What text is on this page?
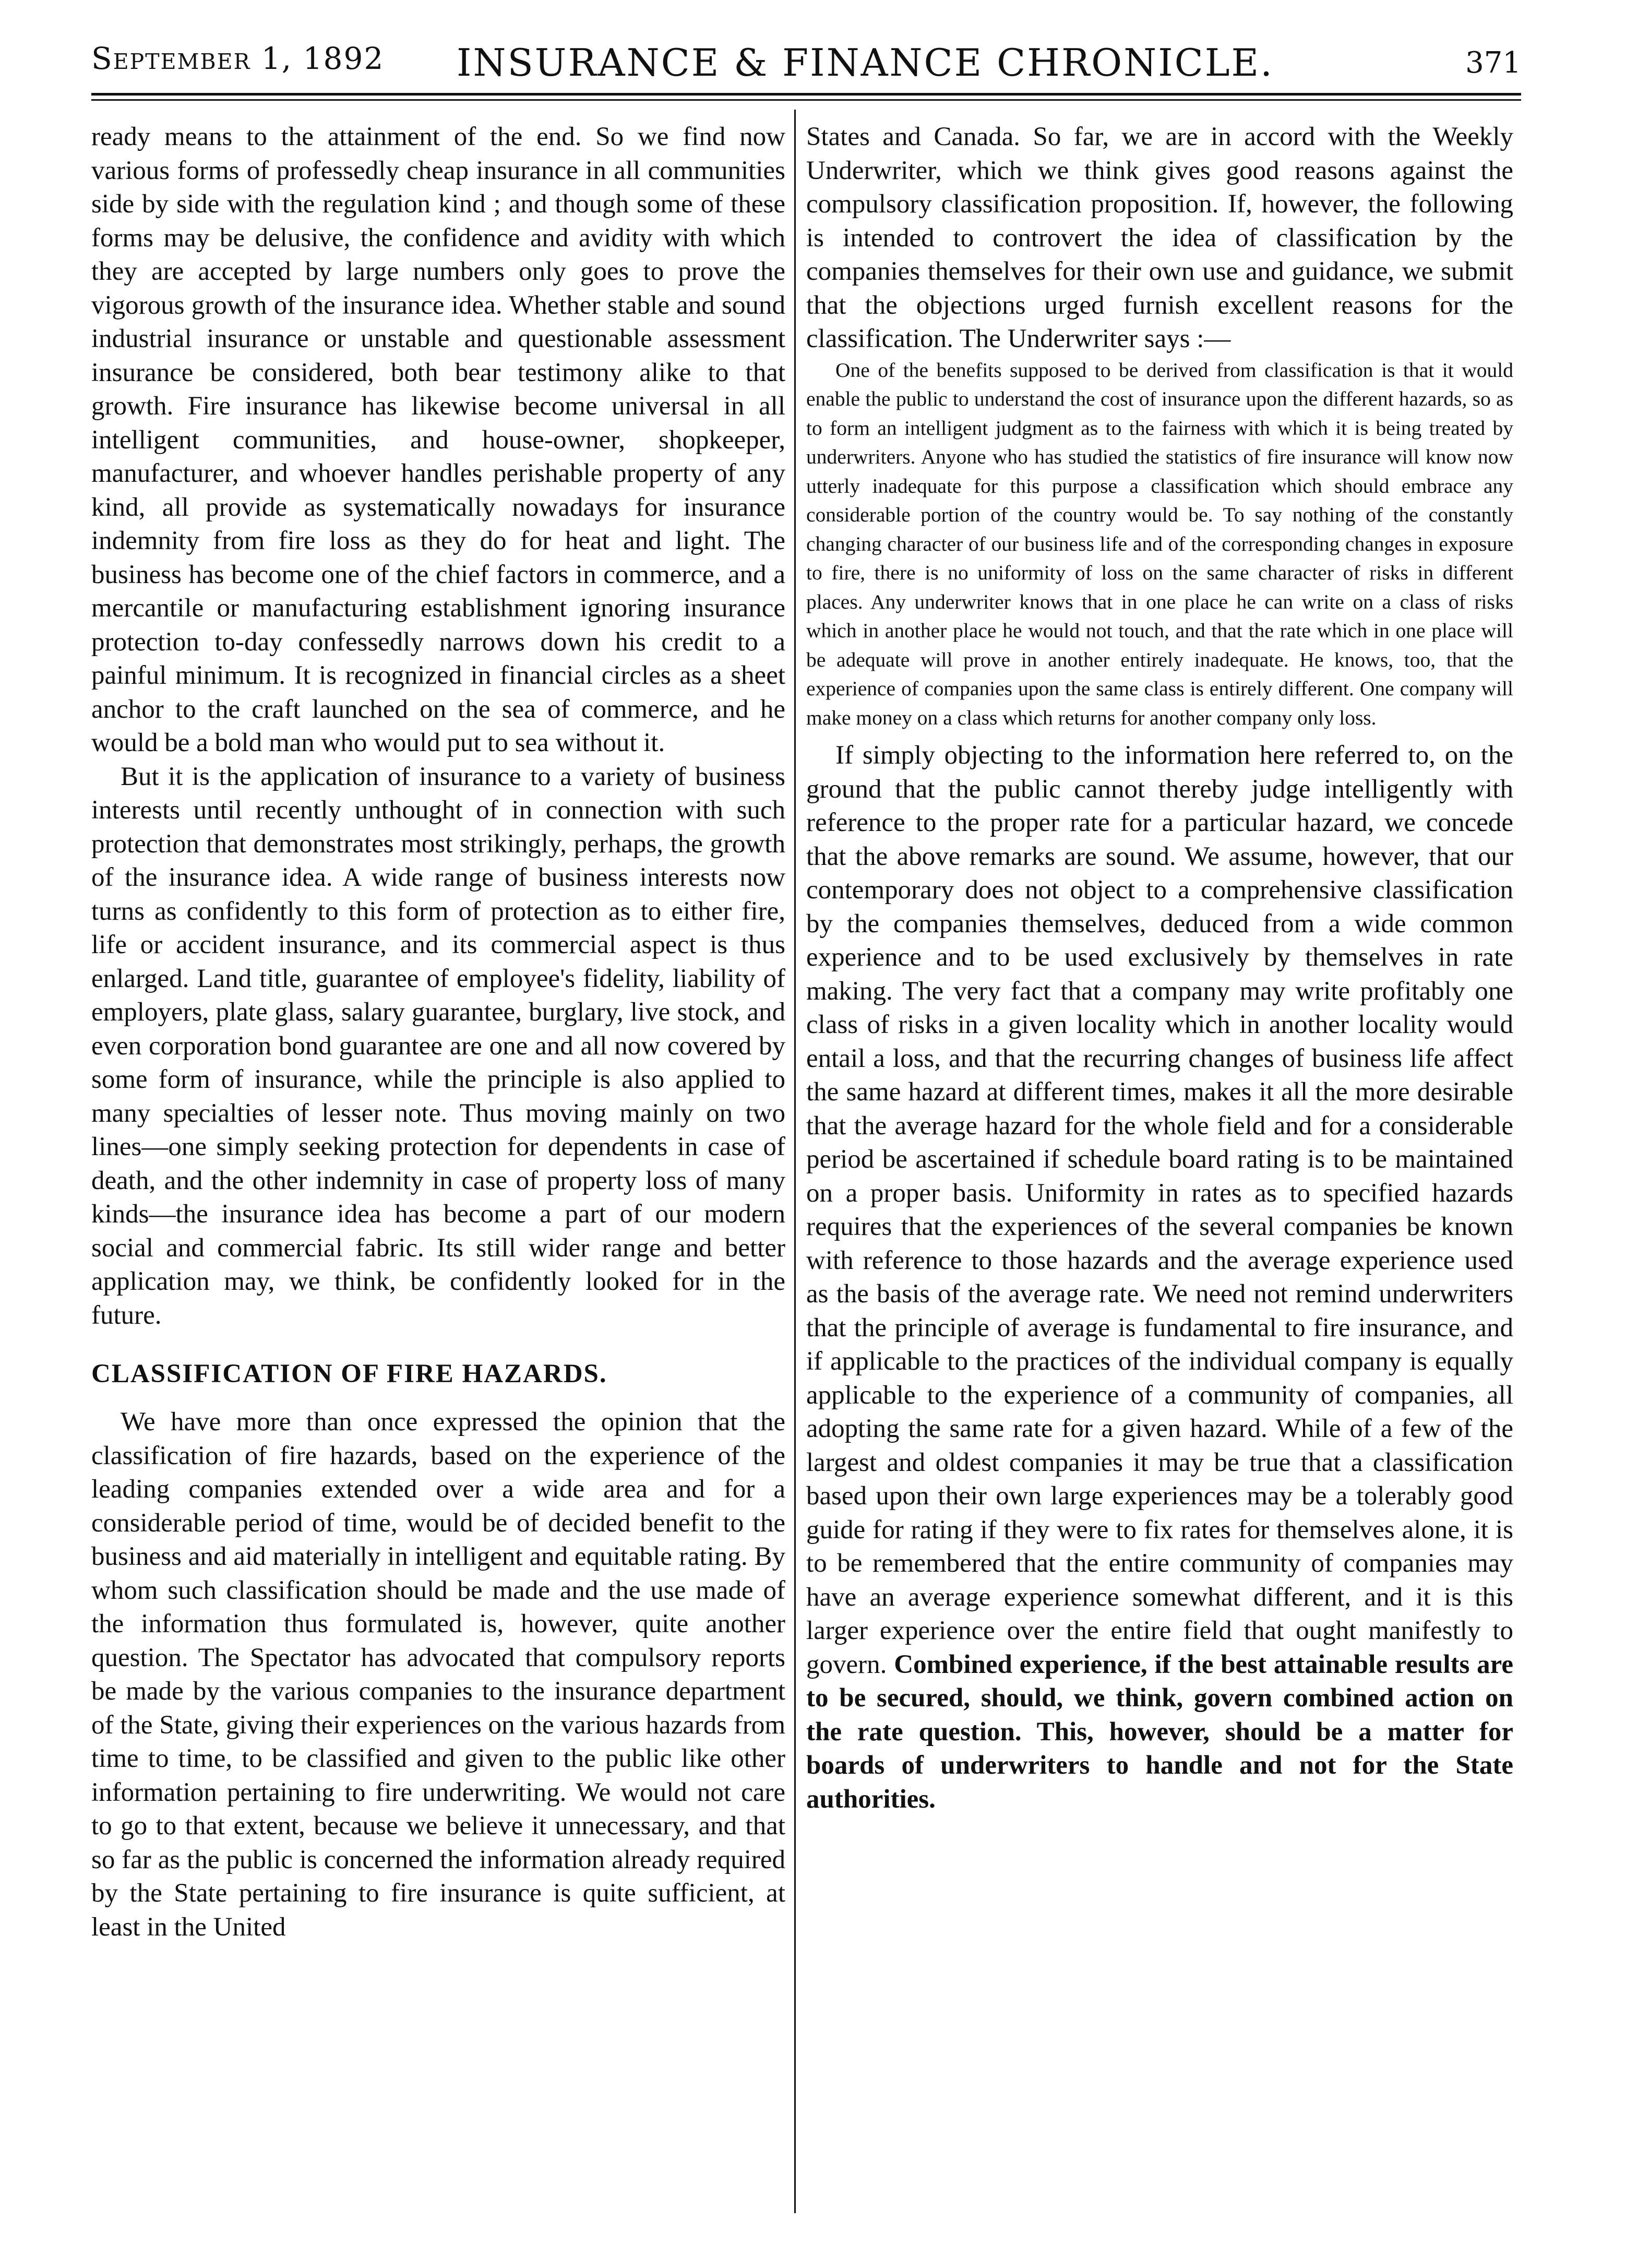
September 1, 1892 INSURANCE & FINANCE CHRONICLE.	371

ready means to the attainment of the end. So we find now various forms of professedly cheap insurance in all communities side by side with the regulation kind ; and though some of these forms may be delusive, the confidence and avidity with which they are accepted by large numbers only goes to prove the vigorous growth of the insurance idea. Whether stable and sound industrial insurance or unstable and questionable assessment insurance be considered, both bear testimony alike to that growth. Fire insurance has likewise become universal in all intelligent communities, and house-owner, shopkeeper, manufacturer, and whoever handles perishable property of any kind, all provide as systematically nowadays for insurance indemnity from fire loss as they do for heat and light. The business has become one of the chief factors in commerce, and a mercantile or manufacturing establishment ignoring insurance protection to-day confessedly narrows down his credit to a painful minimum. It is recognized in financial circles as a sheet anchor to the craft launched on the sea of commerce, and he would be a bold man who would put to sea without it.

But it is the application of insurance to a variety of business interests until recently unthought of in connection with such protection that demonstrates most strikingly, perhaps, the growth of the insurance idea. A wide range of business interests now turns as confidently to this form of protection as to either fire, life or accident insurance, and its commercial aspect is thus enlarged. Land title, guarantee of employee's fidelity, liability of employers, plate glass, salary guarantee, burglary, live stock, and even corporation bond guarantee are one and all now covered by some form of insurance, while the principle is also applied to many specialties of lesser note. Thus moving mainly on two lines—one simply seeking protection for dependents in case of death, and the other indemnity in case of property loss of many kinds—the insurance idea has become a part of our modern social and commercial fabric. Its still wider range and better application may, we think, be confidently looked for in the future.

CLASSIFICATION OF FIRE HAZARDS.

We have more than once expressed the opinion that the classification of fire hazards, based on the experience of the leading companies extended over a wide area and for a considerable period of time, would be of decided benefit to the business and aid materially in intelligent and equitable rating. By whom such classification should be made and the use made of the information thus formulated is, however, quite another question. The Spectator has advocated that compulsory reports be made by the various companies to the insurance department of the State, giving their experiences on the various hazards from time to time, to be classified and given to the public like other information pertaining to fire underwriting. We would not care to go to that extent, because we believe it unnecessary, and that so far as the public is concerned the information already required by the State pertaining to fire insurance is quite sufficient, at least in the United

States and Canada. So far, we are in accord with the Weekly Underwriter, which we think gives good reasons against the compulsory classification proposition. If, however, the following is intended to controvert the idea of classification by the companies themselves for their own use and guidance, we submit that the objections urged furnish excellent reasons for the classification. The Underwriter says :—

One of the benefits supposed to be derived from classification is that it would enable the public to understand the cost of insurance upon the different hazards, so as to form an intelligent judgment as to the fairness with which it is being treated by underwriters. Anyone who has studied the statistics of fire insurance will know now utterly inadequate for this purpose a classification which should embrace any considerable portion of the country would be. To say nothing of the constantly changing character of our business life and of the corresponding changes in exposure to fire, there is no uniformity of loss on the same character of risks in different places. Any underwriter knows that in one place he can write on a class of risks which in another place he would not touch, and that the rate which in one place will be adequate will prove in another entirely inadequate. He knows, too, that the experience of companies upon the same class is entirely different. One company will make money on a class which returns for another company only loss.

If simply objecting to the information here referred to, on the ground that the public cannot thereby judge intelligently with reference to the proper rate for a particular hazard, we concede that the above remarks are sound. We assume, however, that our contemporary does not object to a comprehensive classification by the companies themselves, deduced from a wide common experience and to be used exclusively by themselves in rate making. The very fact that a company may write profitably one class of risks in a given locality which in another locality would entail a loss, and that the recurring changes of business life affect the same hazard at different times, makes it all the more desirable that the average hazard for the whole field and for a considerable period be ascertained if schedule board rating is to be maintained on a proper basis. Uniformity in rates as to specified hazards requires that the experiences of the several companies be known with reference to those hazards and the average experience used as the basis of the average rate. We need not remind underwriters that the principle of average is fundamental to fire insurance, and if applicable to the practices of the individual company is equally applicable to the experience of a community of companies, all adopting the same rate for a given hazard. While of a few of the largest and oldest companies it may be true that a classification based upon their own large experiences may be a tolerably good guide for rating if they were to fix rates for themselves alone, it is to be remembered that the entire community of companies may have an average experience somewhat different, and it is this larger experience over the entire field that ought manifestly to govern. Combined experience, if the best attainable results are to be secured, should, we think, govern combined action on the rate question. This, however, should be a matter for boards of underwriters to handle and not for the State authorities.
